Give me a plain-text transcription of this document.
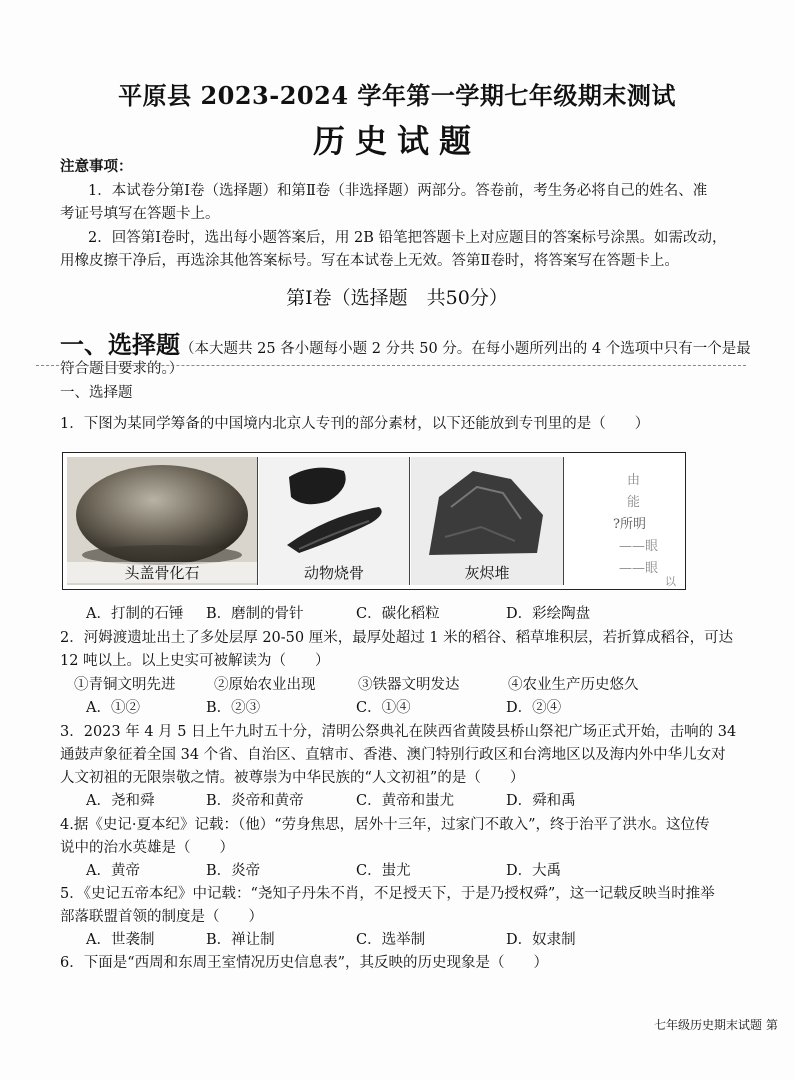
平原县 2023-2024 学年第一学期七年级期末测试
历史试题
注意事项：
1．本试卷分第Ⅰ卷（选择题）和第Ⅱ卷（非选择题）两部分。答卷前，考生务必将自己的姓名、准
考证号填写在答题卡上。
2．回答第Ⅰ卷时，选出每小题答案后，用 2B 铅笔把答题卡上对应题目的答案标号涂黑。如需改动，
用橡皮擦干净后，再选涂其他答案标号。写在本试卷上无效。答第Ⅱ卷时，将答案写在答题卡上。
第Ⅰ卷（选择题　共50分）
一、选择题（本大题共 25 各小题每小题 2 分共 50 分。在每小题所列出的 4 个选项中只有一个是最
符合题目要求的。）
一、选择题
1．下图为某同学筹备的中国境内北京人专刊的部分素材，以下还能放到专刊里的是（　　）
头盖骨化石	动物烧骨	灰烬堆
由
能
?所明
——眼
——眼
以
A．打制的石锤 B．磨制的骨针	C．碳化稻粒	D．彩绘陶盘
2．河姆渡遗址出土了多处层厚 20-50 厘米，最厚处超过 1 米的稻谷、稻草堆积层，若折算成稻谷，可达
12 吨以上。以上史实可被解读为（　　）
①青铜文明先进	②原始农业出现	③铁器文明发达	④农业生产历史悠久
A．①②	B．②③	C．①④	D．②④
3．2023 年 4 月 5 日上午九时五十分，清明公祭典礼在陕西省黄陵县桥山祭祀广场正式开始，击响的 34
通鼓声象征着全国 34 个省、自治区、直辖市、香港、澳门特别行政区和台湾地区以及海内外中华儿女对
人文初祖的无限崇敬之情。被尊崇为中华民族的“人文初祖”的是（　　）
A．尧和舜	B．炎帝和黄帝	C．黄帝和蚩尤	D．舜和禹
4.据《史记·夏本纪》记载：（他）“劳身焦思，居外十三年，过家门不敢入”，终于治平了洪水。这位传
说中的治水英雄是（　　）
A．黄帝	B．炎帝	C．蚩尤	D．大禹
5．《史记五帝本纪》中记载：“尧知子丹朱不肖，不足授天下，于是乃授权舜”，这一记载反映当时推举
部落联盟首领的制度是（　　）
A．世袭制	B．禅让制	C．选举制	D．奴隶制
6．下面是“西周和东周王室情况历史信息表”，其反映的历史现象是（　　）
七年级历史期末试题 第
